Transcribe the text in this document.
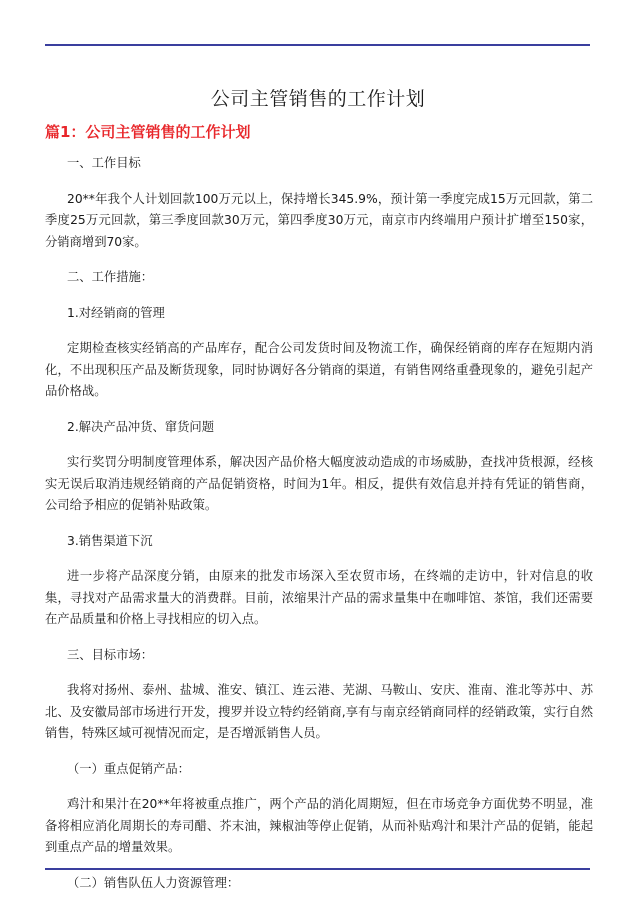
公司主管销售的工作计划
篇1：公司主管销售的工作计划
一、工作目标
20**年我个人计划回款100万元以上，保持增长345.9%，预计第一季度完成15万元回款，第二季度25万元回款，第三季度回款30万元，第四季度30万元，南京市内终端用户预计扩增至150家，分销商增到70家。
二、工作措施：
1.对经销商的管理
定期检查核实经销高的产品库存，配合公司发货时间及物流工作，确保经销商的库存在短期内消化，不出现积压产品及断货现象，同时协调好各分销商的渠道，有销售网络重叠现象的，避免引起产品价格战。
2.解决产品冲货、窜货问题
实行奖罚分明制度管理体系，解决因产品价格大幅度波动造成的市场威胁，查找冲货根源，经核实无误后取消违规经销商的产品促销资格，时间为1年。相反，提供有效信息并持有凭证的销售商，公司给予相应的促销补贴政策。
3.销售渠道下沉
进一步将产品深度分销，由原来的批发市场深入至农贸市场，在终端的走访中，针对信息的收集，寻找对产品需求量大的消费群。目前，浓缩果汁产品的需求量集中在咖啡馆、茶馆，我们还需要在产品质量和价格上寻找相应的切入点。
三、目标市场：
我将对扬州、泰州、盐城、淮安、镇江、连云港、芜湖、马鞍山、安庆、淮南、淮北等苏中、苏北、及安徽局部市场进行开发，搜罗并设立特约经销商,享有与南京经销商同样的经销政策，实行自然销售，特殊区域可视情况而定，是否增派销售人员。
（一）重点促销产品：
鸡汁和果汁在20**年将被重点推广，两个产品的消化周期短，但在市场竞争方面优势不明显，准备将相应消化周期长的寿司醋、芥末油，辣椒油等停止促销，从而补贴鸡汁和果汁产品的促销，能起到重点产品的增量效果。
（二）销售队伍人力资源管理：
